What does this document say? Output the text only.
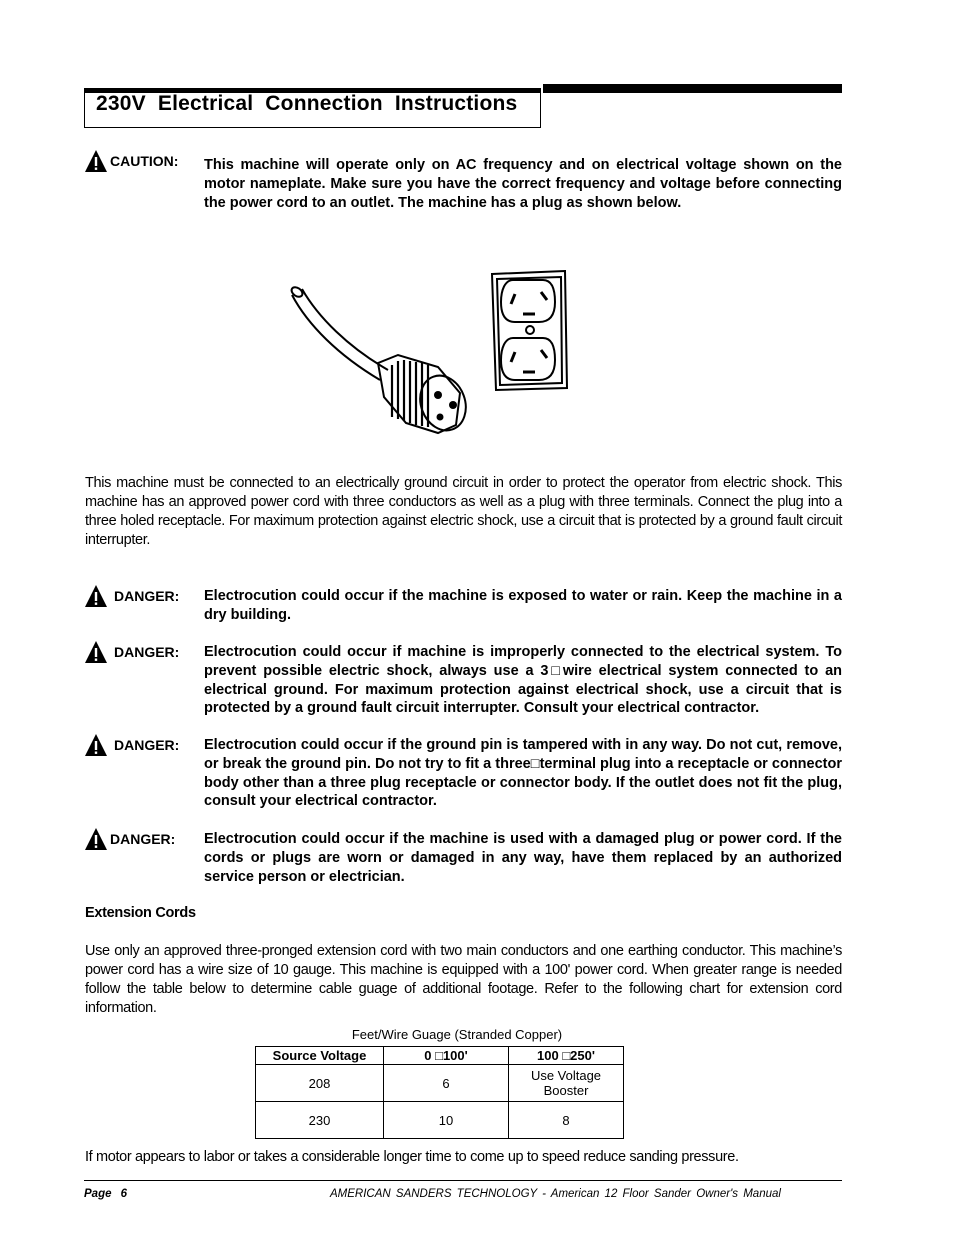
230V Electrical Connection Instructions
CAUTION: This machine will operate only on AC frequency and on electrical voltage shown on the motor nameplate. Make sure you have the correct frequency and voltage before connecting the power cord to an outlet. The machine has a plug as shown below.
This machine must be connected to an electrically ground circuit in order to protect the operator from electric shock. This machine has an approved power cord with three conductors as well as a plug with three terminals. Connect the plug into a three holed receptacle. For maximum protection against electric shock, use a circuit that is protected by a ground fault circuit interrupter.
DANGER: Electrocution could occur if the machine is exposed to water or rain. Keep the machine in a dry building.
DANGER: Electrocution could occur if machine is improperly connected to the electrical system. To prevent possible electric shock, always use a 3□wire electrical system connected to an electrical ground. For maximum protection against electrical shock, use a circuit that is protected by a ground fault circuit interrupter. Consult your electrical contractor.
DANGER: Electrocution could occur if the ground pin is tampered with in any way. Do not cut, remove, or break the ground pin. Do not try to fit a three□terminal plug into a receptacle or connector body other than a three plug receptacle or connector body. If the outlet does not fit the plug, consult your electrical contractor.
DANGER: Electrocution could occur if the machine is used with a damaged plug or power cord. If the cords or plugs are worn or damaged in any way, have them replaced by an authorized service person or electrician.
Extension Cords
Use only an approved three-pronged extension cord with two main conductors and one earthing conductor. This machine’s power cord has a wire size of 10 gauge. This machine is equipped with a 100' power cord. When greater range is needed follow the table below to determine cable guage of additional footage. Refer to the following chart for extension cord information.
Feet/Wire Guage (Stranded Copper)
Source Voltage	0 □100'	100 □250'
208	6	Use Voltage Booster
230	10	8
If motor appears to labor or takes a considerable longer time to come up to speed reduce sanding pressure.
Page 6	AMERICAN SANDERS TECHNOLOGY - American 12 Floor Sander Owner's Manual
